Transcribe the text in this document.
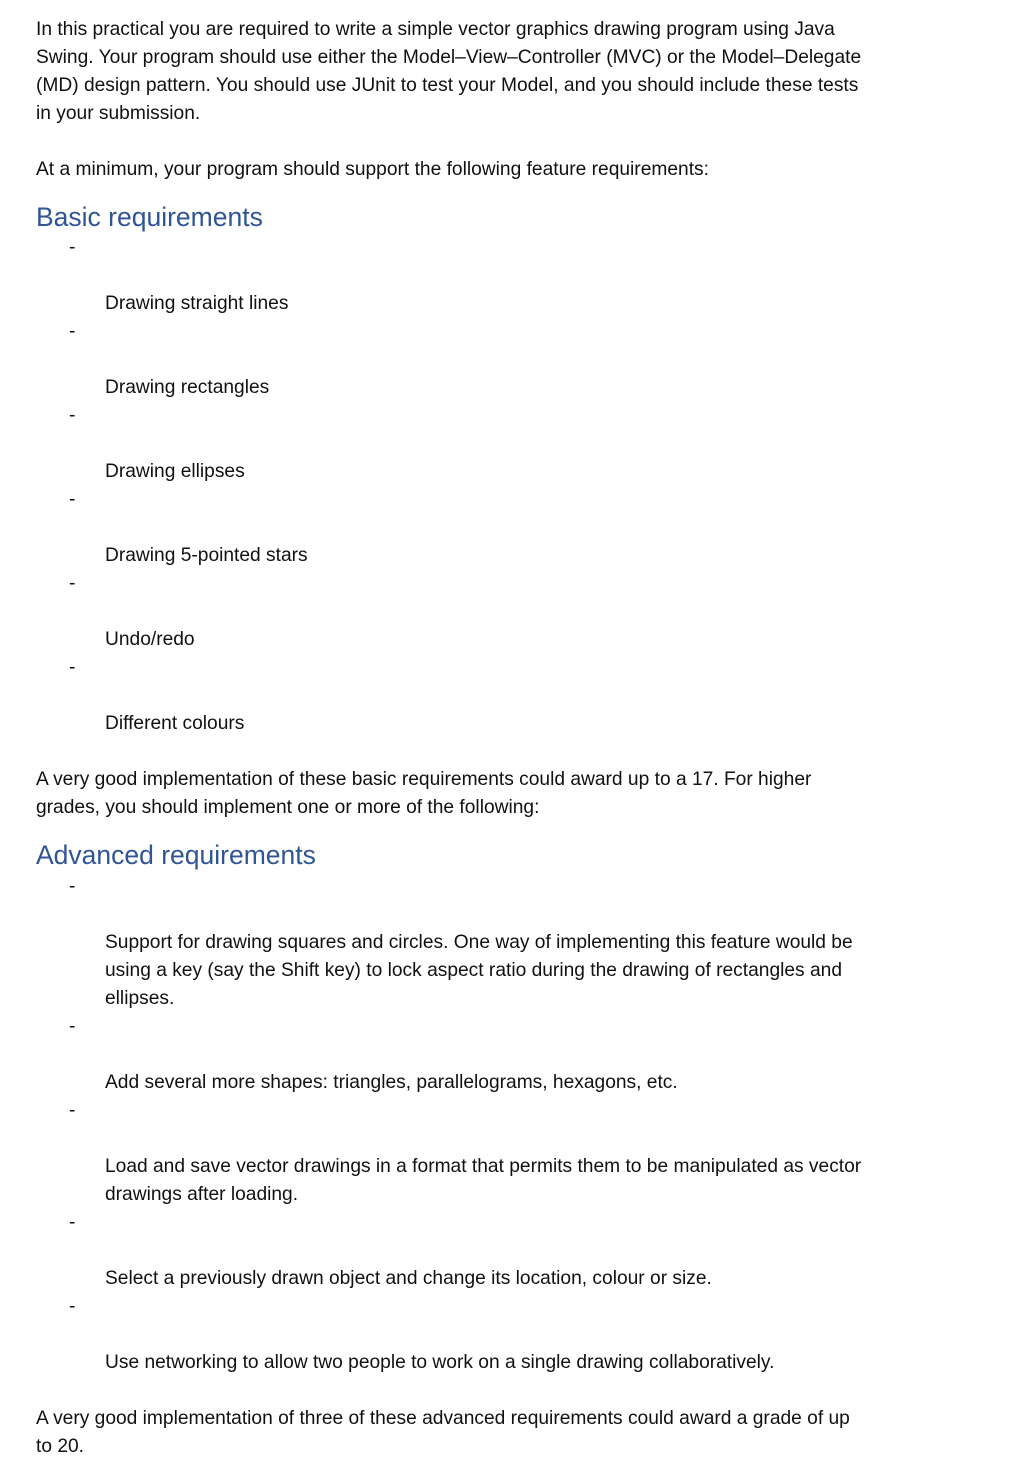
In this practical you are required to write a simple vector graphics drawing program using Java
Swing. Your program should use either the Model–View–Controller (MVC) or the Model–Delegate
(MD) design pattern. You should use JUnit to test your Model, and you should include these tests
in your submission.

At a minimum, your program should support the following feature requirements:

Basic requirements

-

Drawing straight lines

-

Drawing rectangles

-

Drawing ellipses

-

Drawing 5-pointed stars

-

Undo/redo

-

Different colours

A very good implementation of these basic requirements could award up to a 17. For higher
grades, you should implement one or more of the following:

Advanced requirements

-

Support for drawing squares and circles. One way of implementing this feature would be
using a key (say the Shift key) to lock aspect ratio during the drawing of rectangles and
ellipses.

-

Add several more shapes: triangles, parallelograms, hexagons, etc.

-

Load and save vector drawings in a format that permits them to be manipulated as vector
drawings after loading.

-

Select a previously drawn object and change its location, colour or size.

-

Use networking to allow two people to work on a single drawing collaboratively.

A very good implementation of three of these advanced requirements could award a grade of up
to 20.
